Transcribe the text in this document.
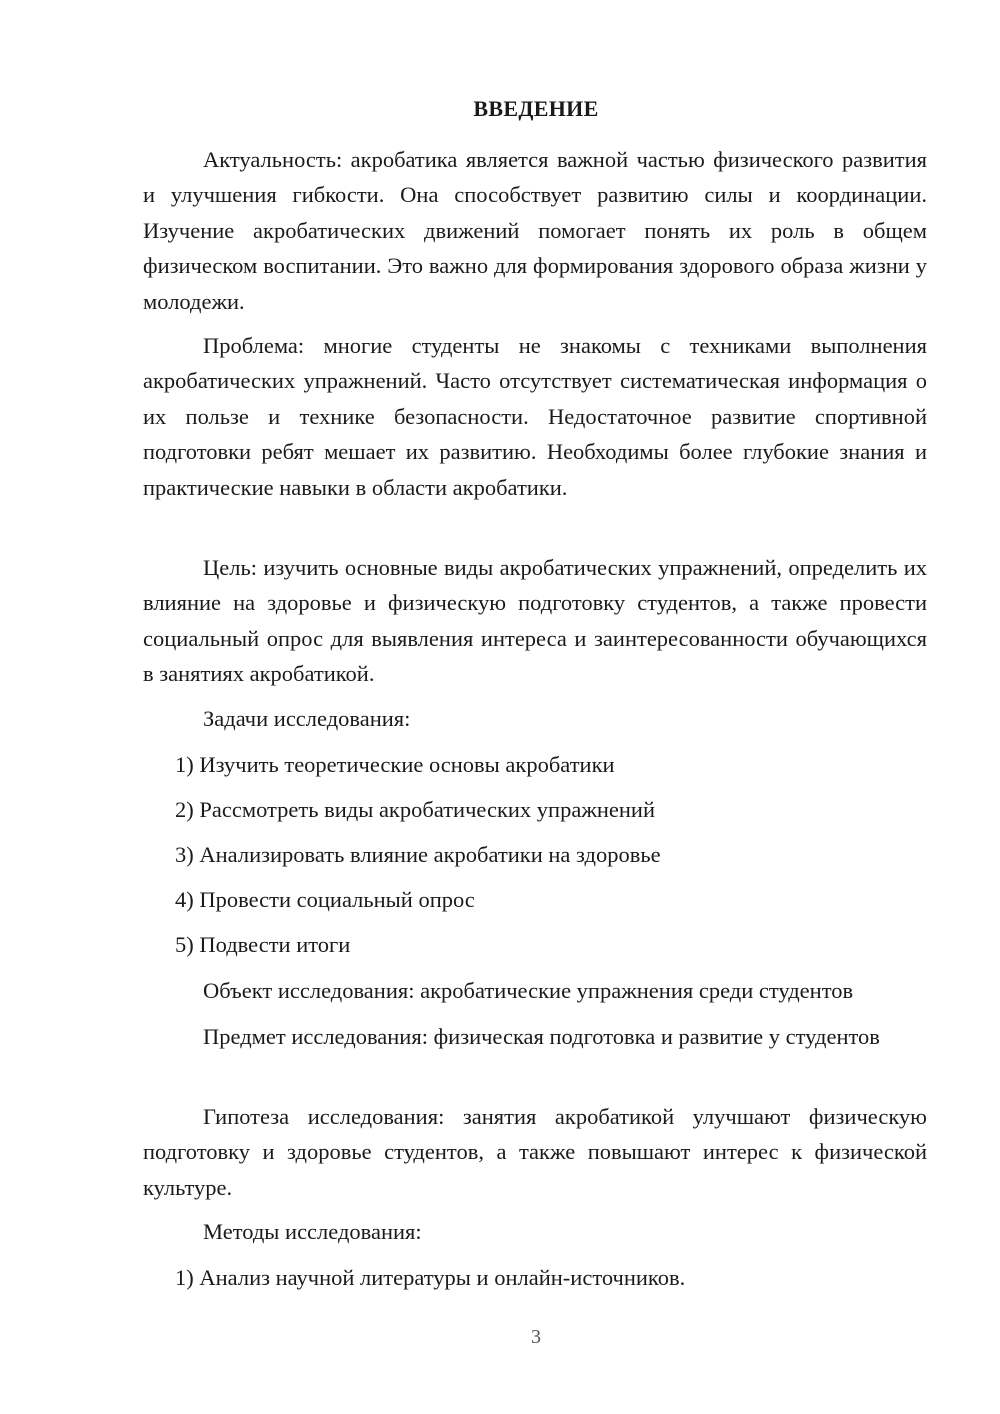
ВВЕДЕНИЕ

Актуальность: акробатика является важной частью физического развития и улучшения гибкости. Она способствует развитию силы и координации. Изучение акробатических движений помогает понять их роль в общем физическом воспитании. Это важно для формирования здорового образа жизни у молодежи.

Проблема: многие студенты не знакомы с техниками выполнения акробатических упражнений. Часто отсутствует систематическая информация о их пользе и технике безопасности. Недостаточное развитие спортивной подготовки ребят мешает их развитию. Необходимы более глубокие знания и практические навыки в области акробатики.

Цель: изучить основные виды акробатических упражнений, определить их влияние на здоровье и физическую подготовку студентов, а также провести социальный опрос для выявления интереса и заинтересованности обучающихся в занятиях акробатикой.

Задачи исследования:

1) Изучить теоретические основы акробатики

2) Рассмотреть виды акробатических упражнений

3) Анализировать влияние акробатики на здоровье

4) Провести социальный опрос

5) Подвести итоги

Объект исследования: акробатические упражнения среди студентов

Предмет исследования: физическая подготовка и развитие у студентов

Гипотеза исследования: занятия акробатикой улучшают физическую подготовку и здоровье студентов, а также повышают интерес к физической культуре.

Методы исследования:

1) Анализ научной литературы и онлайн-источников.

3
